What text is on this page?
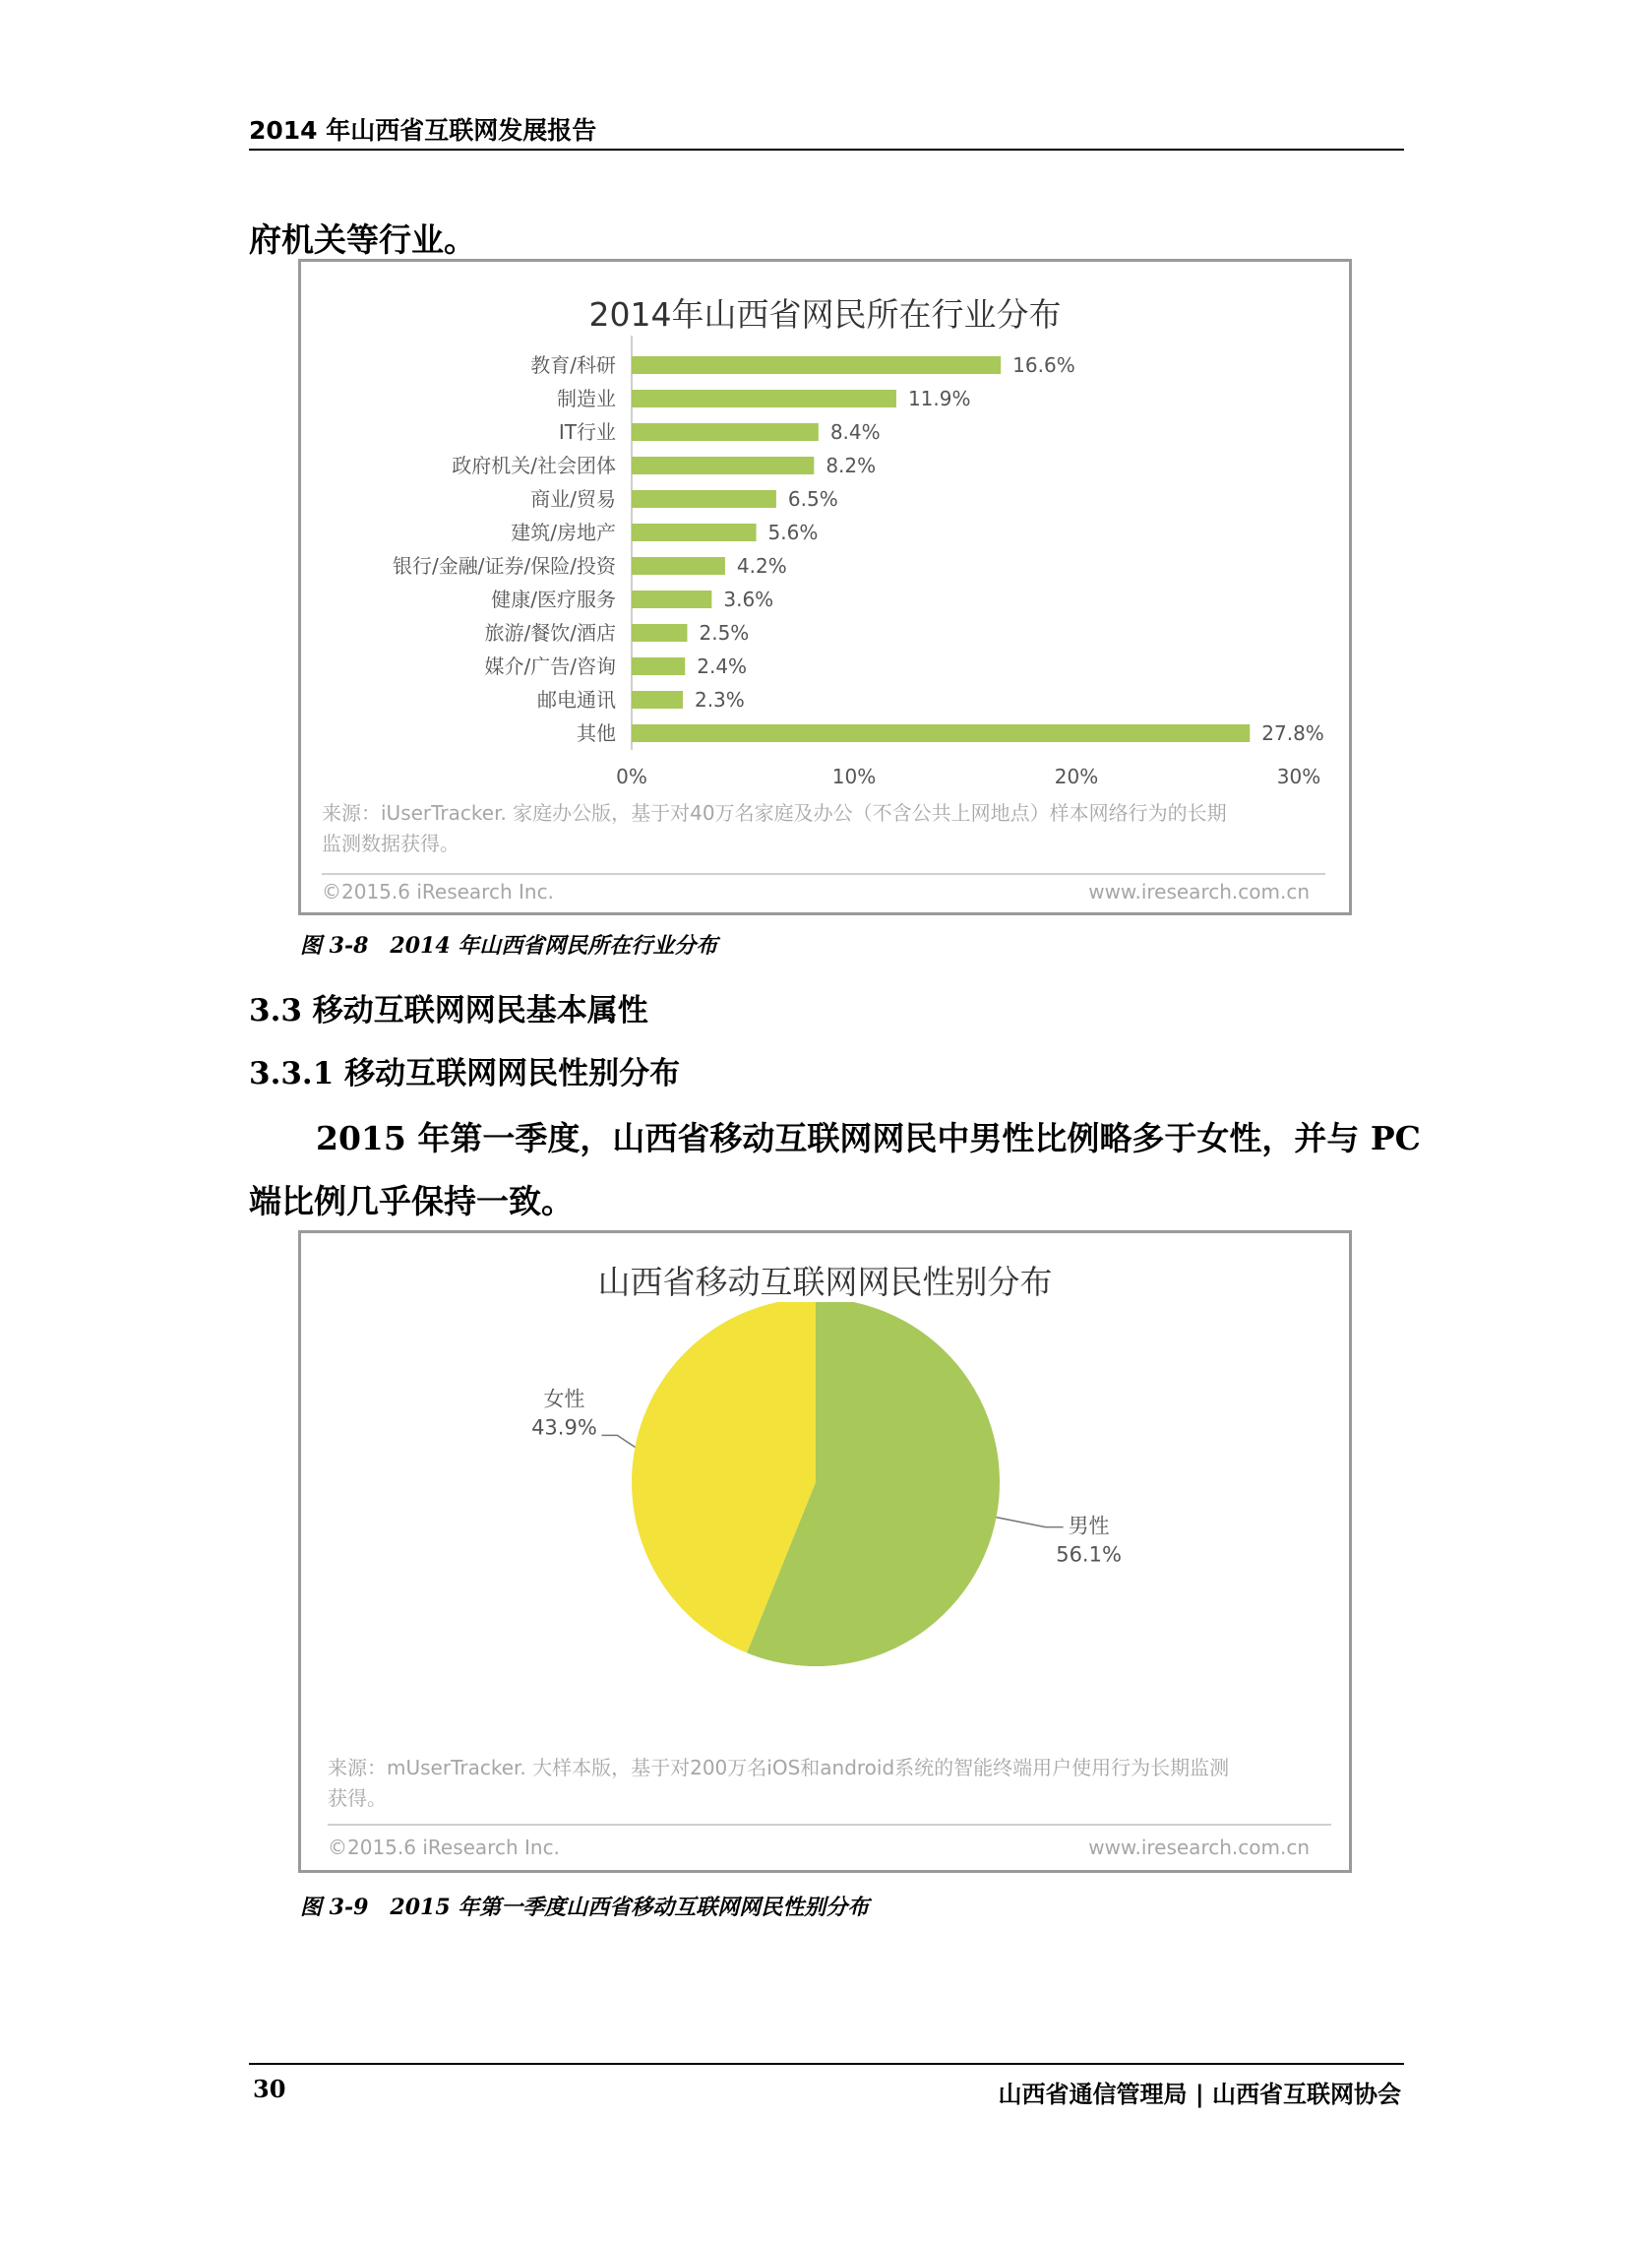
2014 年山西省互联网发展报告
府机关等行业。
2014年山西省网民所在行业分布
教育/科研	16.6%
制造业	11.9%
IT行业	8.4%
政府机关/社会团体	8.2%
商业/贸易	6.5%
建筑/房地产	5.6%
银行/金融/证券/保险/投资	4.2%
健康/医疗服务	3.6%
旅游/餐饮/酒店	2.5%
媒介/广告/咨询	2.4%
邮电通讯	2.3%
其他	27.8%
0%	10%	20%	30%
来源：iUserTracker. 家庭办公版，基于对40万名家庭及办公（不含公共上网地点）样本网络行为的长期
监测数据获得。
©2015.6 iResearch Inc.	www.iresearch.com.cn
图 3-8　2014 年山西省网民所在行业分布
3.3 移动互联网网民基本属性
3.3.1 移动互联网网民性别分布
2015 年第一季度，山西省移动互联网网民中男性比例略多于女性，并与 PC
端比例几乎保持一致。
山西省移动互联网网民性别分布
男性
56.1%
女性
43.9%
来源：mUserTracker. 大样本版，基于对200万名iOS和android系统的智能终端用户使用行为长期监测
获得。
©2015.6 iResearch Inc.	www.iresearch.com.cn
图 3-9　2015 年第一季度山西省移动互联网网民性别分布
30	山西省通信管理局 | 山西省互联网协会
